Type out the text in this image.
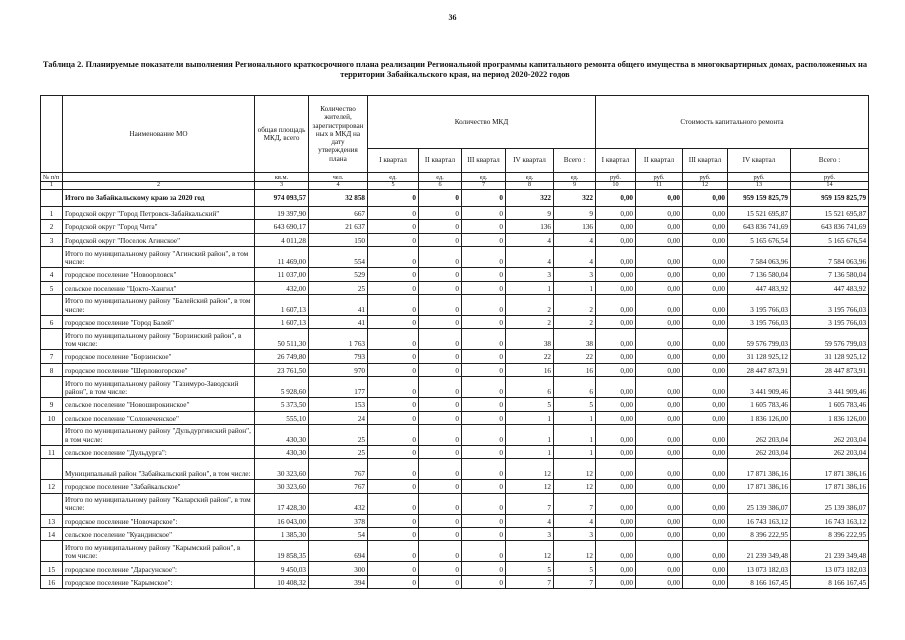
36
Таблица 2. Планируемые показатели выполнения Регионального краткосрочного плана реализации Региональной программы капитального ремонта общего имущества в многоквартирных домах, расположенных на территории Забайкальского края, на период 2020-2022 годов
	Наименование МО	общая площадь МКД, всего	Количество жителей, зарегистрированных в МКД на дату утверждения плана	Количество МКД					Стоимость капитального ремонта				
				I квартал	II квартал	III квартал	IV квартал	Всего :	I квартал	II квартал	III квартал	IV квартал	Всего :
№ п/п		кв.м.	чел.	ед.	ед.	ед.	ед.	ед.	руб.	руб.	руб.	руб.	руб.
1	2	3	4	5	6	7	8	9	10	11	12	13	14
	Итого по Забайкальскому краю за 2020 год	974 093,57	32 858	0	0	0	322	322	0,00	0,00	0,00	959 159 825,79	959 159 825,79
1	Городской округ "Город Петровск-Забайкальский"	19 397,90	667	0	0	0	9	9	0,00	0,00	0,00	15 521 695,87	15 521 695,87
2	Городской округ "Город Чита"	643 690,17	21 637	0	0	0	136	136	0,00	0,00	0,00	643 836 741,69	643 836 741,69
3	Городской округ "Поселок Агинское"	4 011,28	150	0	0	0	4	4	0,00	0,00	0,00	5 165 676,54	5 165 676,54
	Итого по муниципальному району "Агинский район", в том числе:	11 469,00	554	0	0	0	4	4	0,00	0,00	0,00	7 584 063,96	7 584 063,96
4	городское поселение "Новоорловск"	11 037,00	529	0	0	0	3	3	0,00	0,00	0,00	7 136 580,04	7 136 580,04
5	сельское поселение "Цокто-Хангил"	432,00	25	0	0	0	1	1	0,00	0,00	0,00	447 483,92	447 483,92
	Итого по муниципальному району "Балейский район", в том числе:	1 607,13	41	0	0	0	2	2	0,00	0,00	0,00	3 195 766,03	3 195 766,03
6	городское поселение "Город Балей"	1 607,13	41	0	0	0	2	2	0,00	0,00	0,00	3 195 766,03	3 195 766,03
	Итого по муниципальному району "Борзинский район", в том числе:	50 511,30	1 763	0	0	0	38	38	0,00	0,00	0,00	59 576 799,03	59 576 799,03
7	городское поселение "Борзинское"	26 749,80	793	0	0	0	22	22	0,00	0,00	0,00	31 128 925,12	31 128 925,12
8	городское поселение "Шерловогорское"	23 761,50	970	0	0	0	16	16	0,00	0,00	0,00	28 447 873,91	28 447 873,91
	Итого по муниципальному району "Газимуро-Заводский район", в том числе:	5 928,60	177	0	0	0	6	6	0,00	0,00	0,00	3 441 909,46	3 441 909,46
9	сельское поселение "Новоширокинское"	5 373,50	153	0	0	0	5	5	0,00	0,00	0,00	1 605 783,46	1 605 783,46
10	сельское поселение "Солонеченское"	555,10	24	0	0	0	1	1	0,00	0,00	0,00	1 836 126,00	1 836 126,00
	Итого по муниципальному району "Дульдургинский район", в том числе:	430,30	25	0	0	0	1	1	0,00	0,00	0,00	262 203,04	262 203,04
11	сельское поселение "Дульдурга":	430,30	25	0	0	0	1	1	0,00	0,00	0,00	262 203,04	262 203,04
	Муниципальный район "Забайкальский район", в том числе:	30 323,60	767	0	0	0	12	12	0,00	0,00	0,00	17 871 386,16	17 871 386,16
12	городское поселение "Забайкальское"	30 323,60	767	0	0	0	12	12	0,00	0,00	0,00	17 871 386,16	17 871 386,16
	Итого по муниципальному району "Каларский район", в том числе:	17 428,30	432	0	0	0	7	7	0,00	0,00	0,00	25 139 386,07	25 139 386,07
13	городское поселение "Новочарское":	16 043,00	378	0	0	0	4	4	0,00	0,00	0,00	16 743 163,12	16 743 163,12
14	сельское поселение "Куандинское"	1 385,30	54	0	0	0	3	3	0,00	0,00	0,00	8 396 222,95	8 396 222,95
	Итого по муниципальному району "Карымский район", в том числе:	19 858,35	694	0	0	0	12	12	0,00	0,00	0,00	21 239 349,48	21 239 349,48
15	городское поселение "Дарасунское":	9 450,03	300	0	0	0	5	5	0,00	0,00	0,00	13 073 182,03	13 073 182,03
16	городское поселение "Карымское":	10 408,32	394	0	0	0	7	7	0,00	0,00	0,00	8 166 167,45	8 166 167,45
